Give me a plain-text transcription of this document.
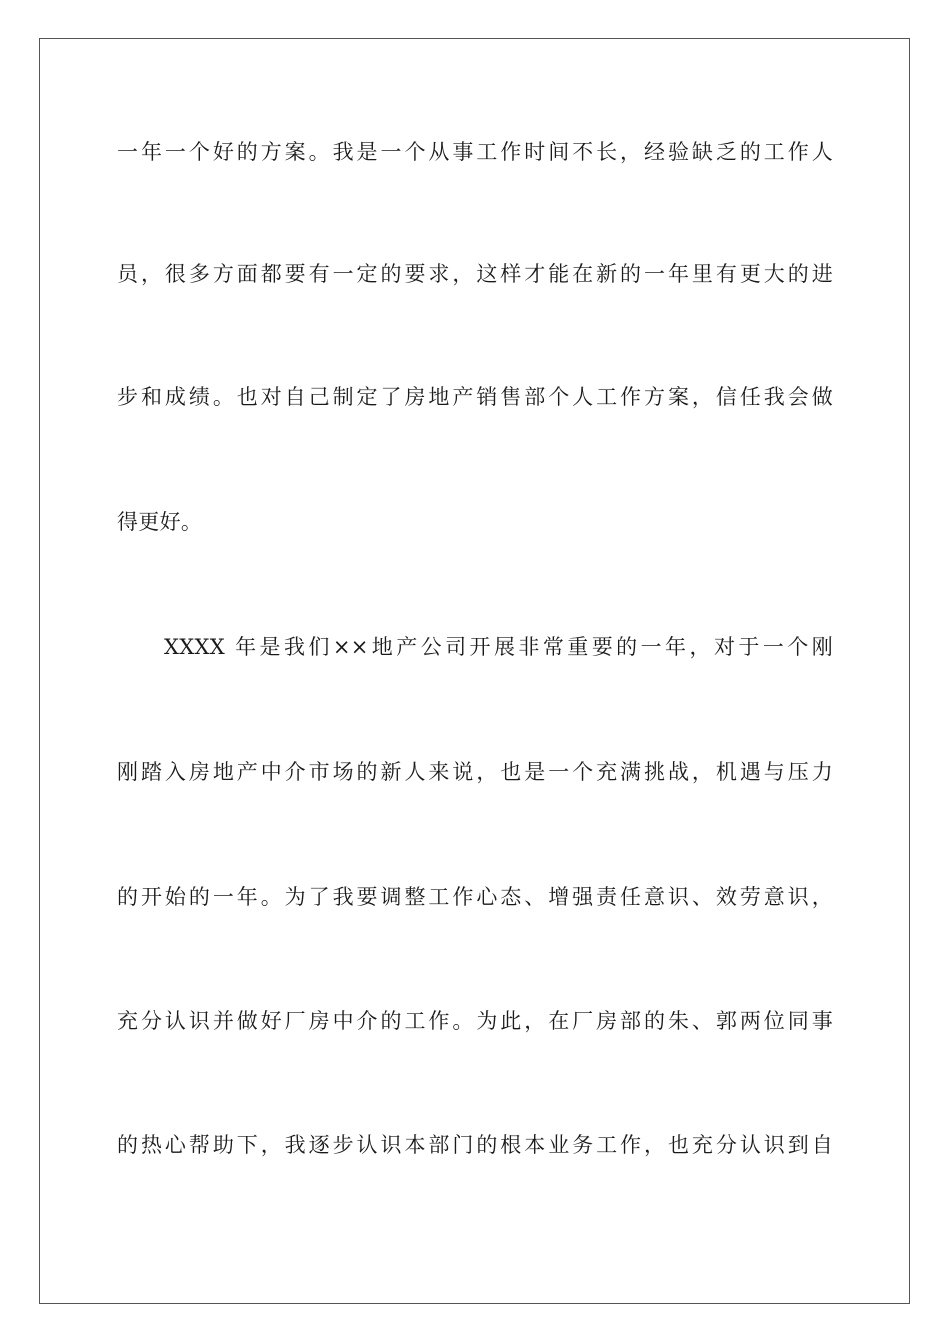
一年一个好的方案。我是一个从事工作时间不长，经验缺乏的工作人
员，很多方面都要有一定的要求，这样才能在新的一年里有更大的进
步和成绩。也对自己制定了房地产销售部个人工作方案，信任我会做
得更好。
XXXX 年是我们××地产公司开展非常重要的一年，对于一个刚
刚踏入房地产中介市场的新人来说，也是一个充满挑战，机遇与压力
的开始的一年。为了我要调整工作心态、增强责任意识、效劳意识，
充分认识并做好厂房中介的工作。为此，在厂房部的朱、郭两位同事
的热心帮助下，我逐步认识本部门的根本业务工作，也充分认识到自
